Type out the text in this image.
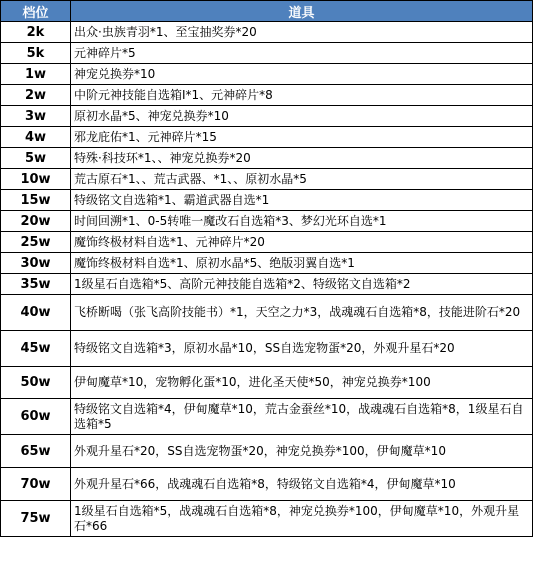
档位	道具
2k	出众·虫族青羽*1、至宝抽奖券*20

5k	元神碎片*5

1w	神宠兑换券*10

2w	中阶元神技能自选箱Ⅰ*1、元神碎片*8

3w	原初水晶*5、神宠兑换券*10

4w	邪龙庇佑*1、元神碎片*15

5w	特殊·科技环*1、、神宠兑换券*20

10w	荒古原石*1、、荒古武器、*1、、原初水晶*5

15w	特级铭文自选箱*1、霸道武器自选*1

20w	时间回溯*1、0-5转唯一魔改石自选箱*3、梦幻光环自选*1

25w	魔饰终极材料自选*1、元神碎片*20

30w	魔饰终极材料自选*1、原初水晶*5、绝版羽翼自选*1

35w	1级星石自选箱*5、高阶元神技能自选箱*2、特级铭文自选箱*2

40w	飞桥断喝（张飞高阶技能书）*1，天空之力*3，战魂魂石自选箱*8，技能进阶石*20

45w	特级铭文自选箱*3，原初水晶*10，SS自选宠物蛋*20，外观升星石*20

50w	伊甸魔草*10，宠物孵化蛋*10，进化圣天使*50，神宠兑换券*100

60w	特级铭文自选箱*4，伊甸魔草*10，荒古金蚕丝*10，战魂魂石自选箱*8，1级星石自选箱*5

65w	外观升星石*20，SS自选宠物蛋*20，神宠兑换券*100，伊甸魔草*10

70w	外观升星石*66，战魂魂石自选箱*8，特级铭文自选箱*4，伊甸魔草*10

75w	1级星石自选箱*5，战魂魂石自选箱*8，神宠兑换券*100，伊甸魔草*10，外观升星石*66
